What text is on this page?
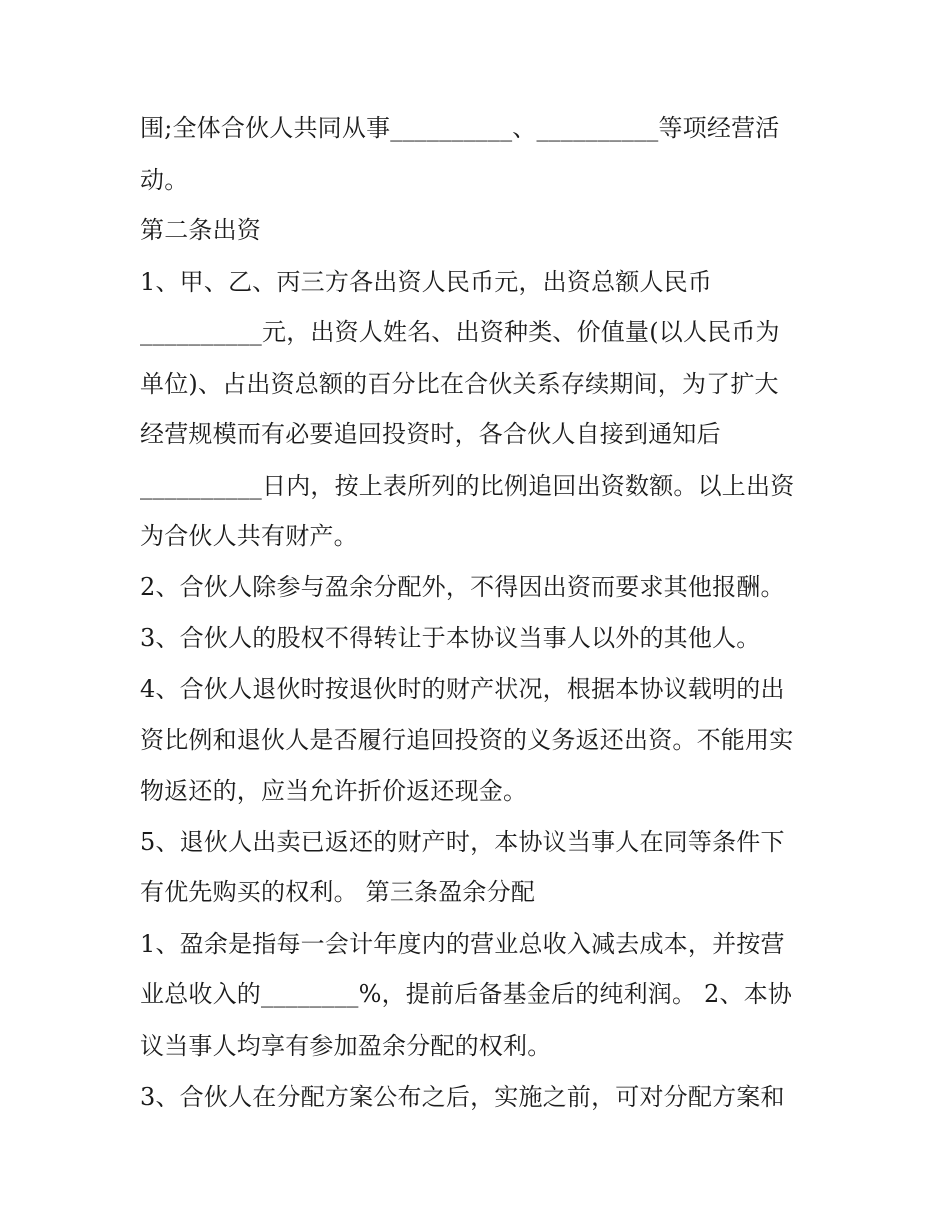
围;全体合伙人共同从事__________、__________等项经营活
动。
第二条出资
1、甲、乙、丙三方各出资人民币元，出资总额人民币
__________元，出资人姓名、出资种类、价值量(以人民币为
单位)、占出资总额的百分比在合伙关系存续期间，为了扩大
经营规模而有必要追回投资时，各合伙人自接到通知后
__________日内，按上表所列的比例追回出资数额。以上出资
为合伙人共有财产。
2、合伙人除参与盈余分配外，不得因出资而要求其他报酬。
3、合伙人的股权不得转让于本协议当事人以外的其他人。
4、合伙人退伙时按退伙时的财产状况，根据本协议载明的出
资比例和退伙人是否履行追回投资的义务返还出资。不能用实
物返还的，应当允许折价返还现金。
5、退伙人出卖已返还的财产时，本协议当事人在同等条件下
有优先购买的权利。 第三条盈余分配
1、盈余是指每一会计年度内的营业总收入减去成本，并按营
业总收入的________%，提前后备基金后的纯利润。 2、本协
议当事人均享有参加盈余分配的权利。
3、合伙人在分配方案公布之后，实施之前，可对分配方案和
